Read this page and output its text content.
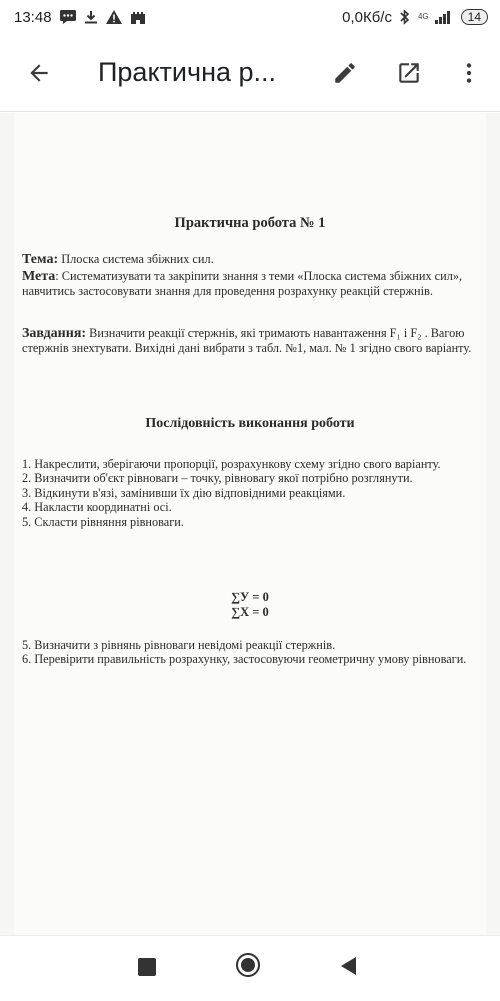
13:48	0,0Кб/с	4G	14
Практична р...
Практична робота № 1
Тема: Плоска система збіжних сил.
Мета: Систематизувати та закріпити знання з теми «Плоска система збіжних сил», навчитись застосовувати знання для проведення розрахунку реакцій стержнів.
Завдання: Визначити реакції стержнів, які тримають навантаження F₁ і F₂ . Вагою стержнів знехтувати. Вихідні дані вибрати з табл. №1, мал. № 1 згідно свого варіанту.
Послідовність виконання роботи
1. Накреслити, зберігаючи пропорції, розрахункову схему згідно свого варіанту.
2. Визначити об'єкт рівноваги – точку, рівновагу якої потрібно розглянути.
3. Відкинути в'язі, замінивши їх дію відповідними реакціями.
4. Накласти координатні осі.
5. Скласти рівняння рівноваги.
∑У = 0
∑Х = 0
5. Визначити з рівнянь рівноваги невідомі реакції стержнів.
6. Перевірити правильність розрахунку, застосовуючи геометричну умову рівноваги.
